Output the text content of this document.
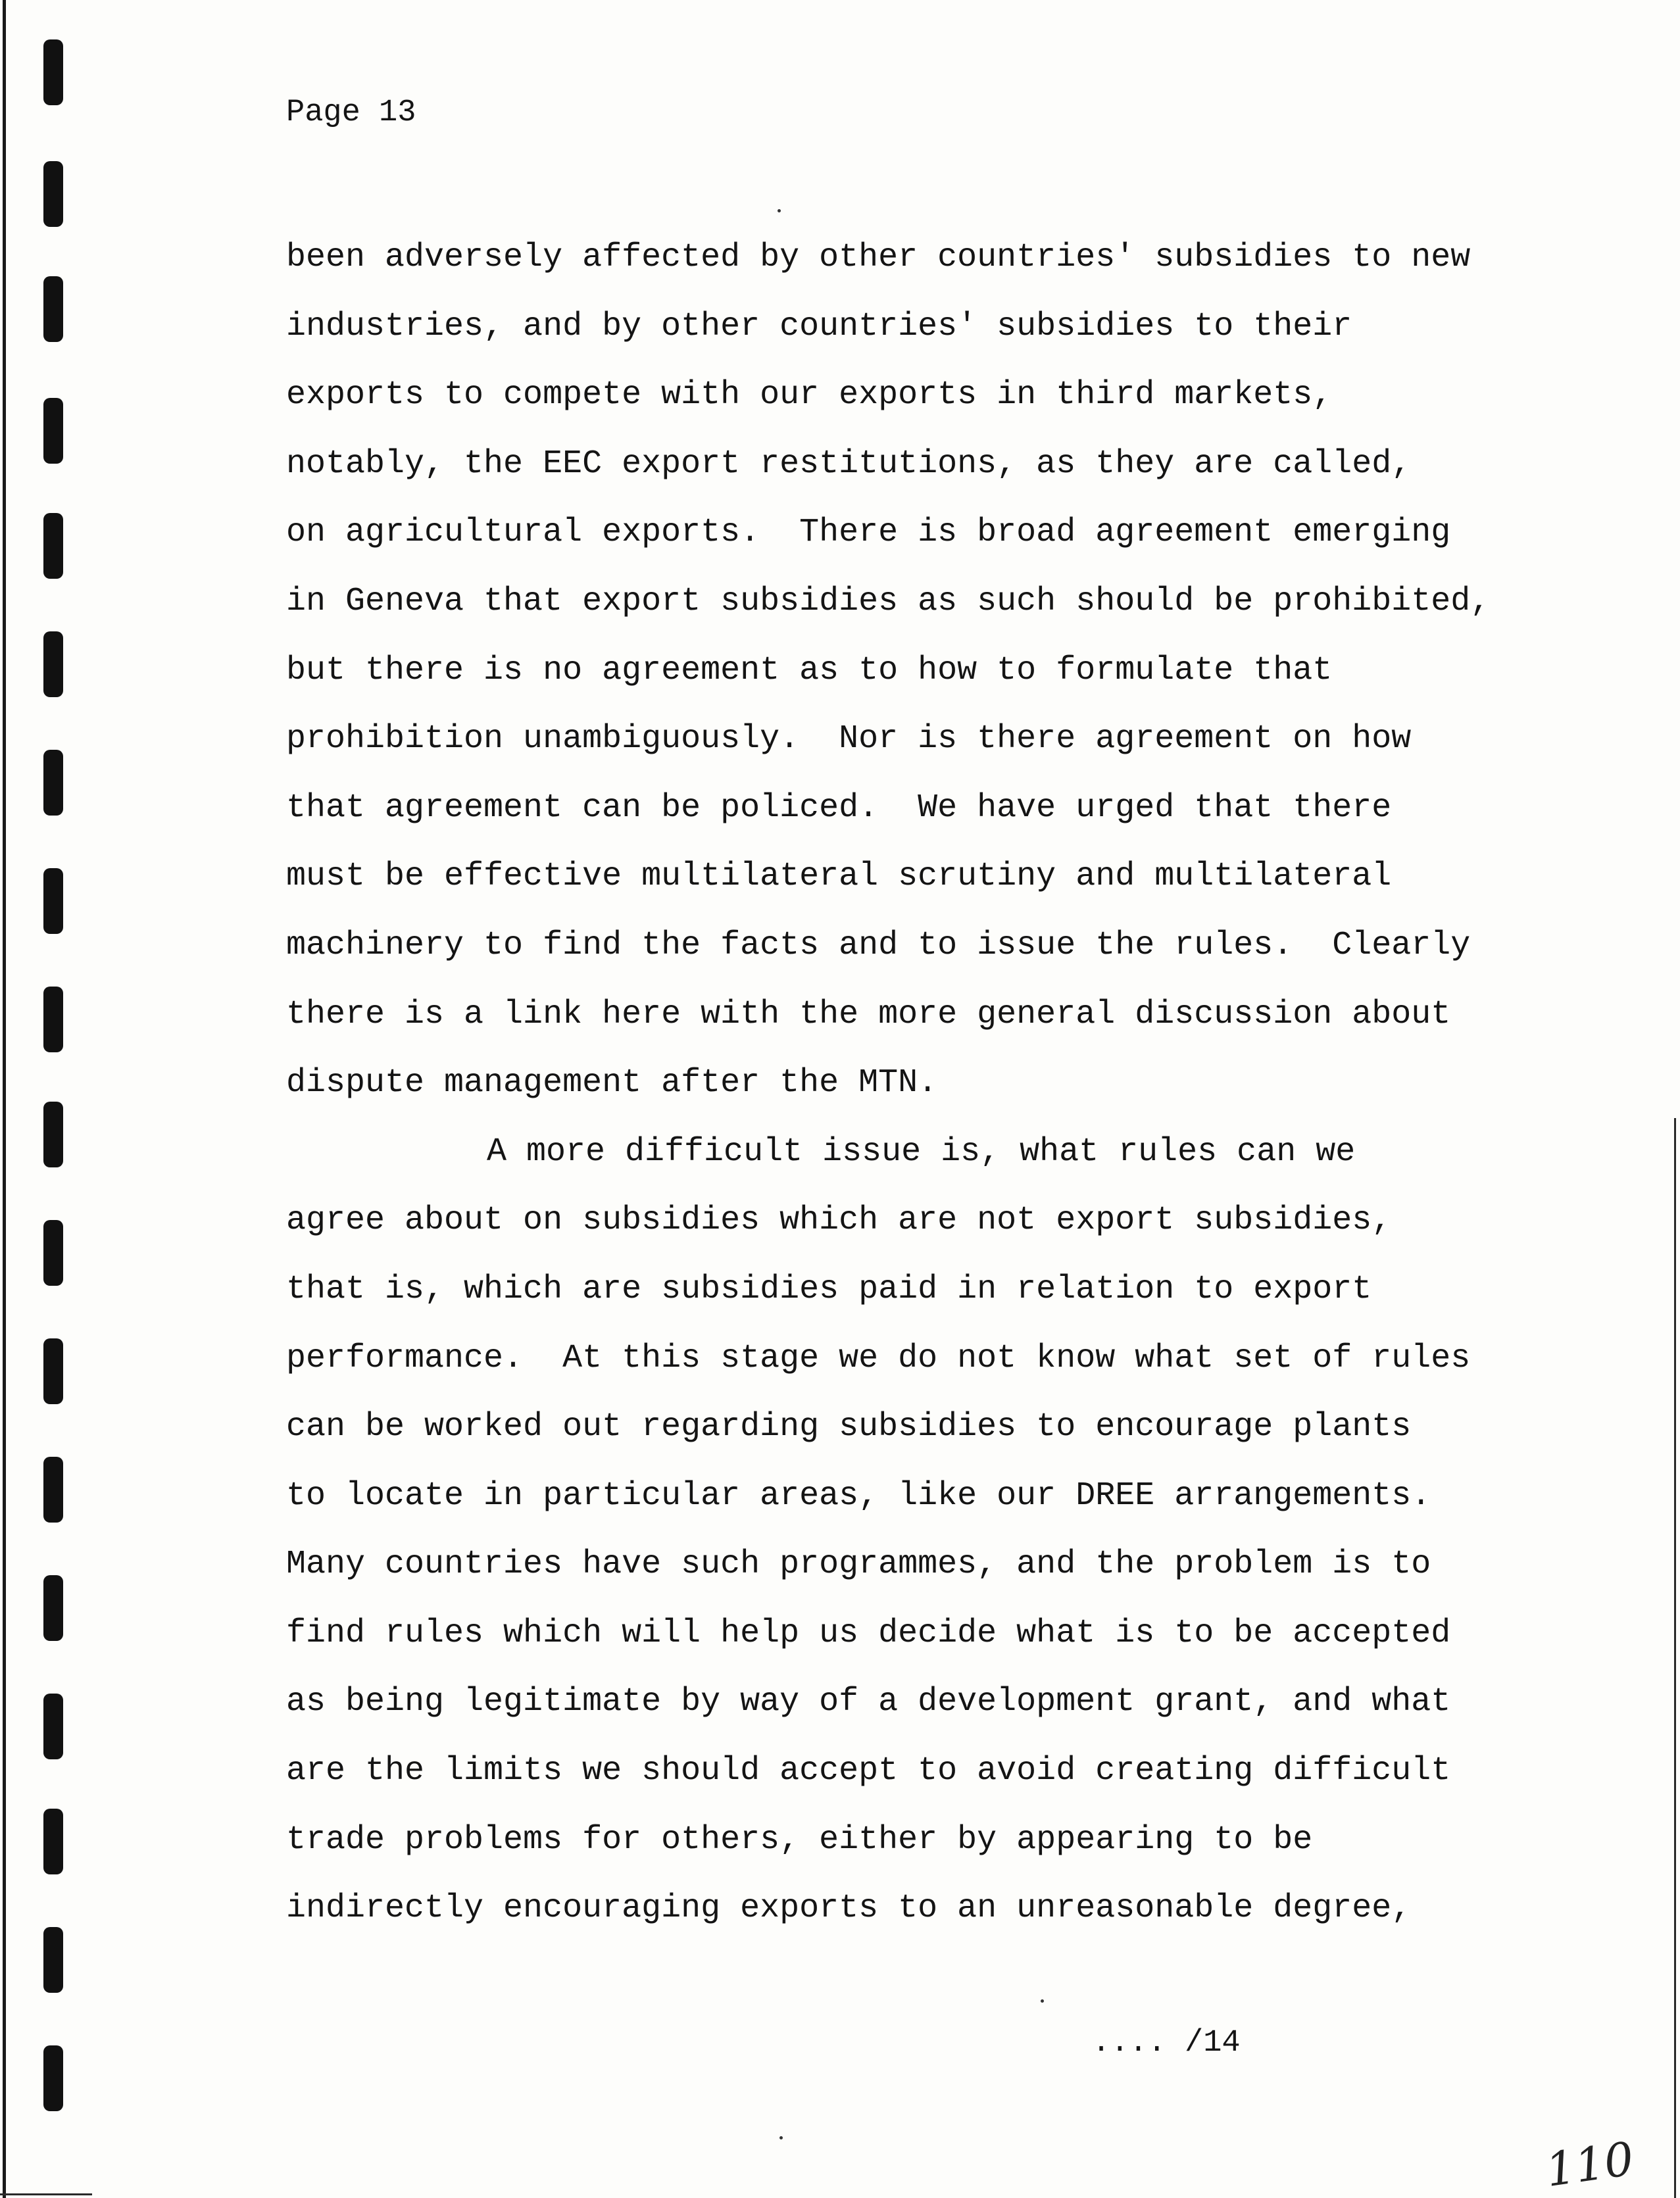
Page 13
been adversely affected by other countries' subsidies to new
industries, and by other countries' subsidies to their
exports to compete with our exports in third markets,
notably, the EEC export restitutions, as they are called,
on agricultural exports.  There is broad agreement emerging
in Geneva that export subsidies as such should be prohibited,
but there is no agreement as to how to formulate that
prohibition unambiguously.  Nor is there agreement on how
that agreement can be policed.  We have urged that there
must be effective multilateral scrutiny and multilateral
machinery to find the facts and to issue the rules.  Clearly
there is a link here with the more general discussion about
dispute management after the MTN.
A more difficult issue is, what rules can we
agree about on subsidies which are not export subsidies,
that is, which are subsidies paid in relation to export
performance.  At this stage we do not know what set of rules
can be worked out regarding subsidies to encourage plants
to locate in particular areas, like our DREE arrangements.
Many countries have such programmes, and the problem is to
find rules which will help us decide what is to be accepted
as being legitimate by way of a development grant, and what
are the limits we should accept to avoid creating difficult
trade problems for others, either by appearing to be
indirectly encouraging exports to an unreasonable degree,
.... /14
110
